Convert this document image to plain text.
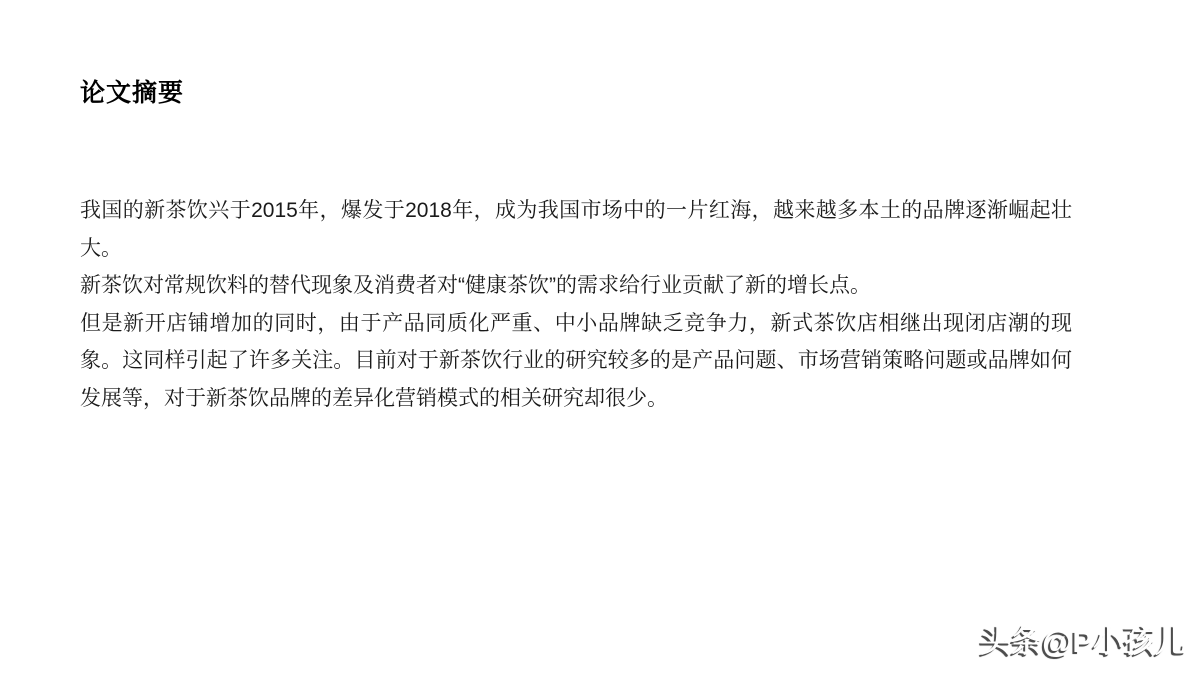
论文摘要

我国的新茶饮兴于2015年，爆发于2018年，成为我国市场中的一片红海，越来越多本土的品牌逐渐崛起壮大。

新茶饮对常规饮料的替代现象及消费者对“健康茶饮”的需求给行业贡献了新的增长点。

但是新开店铺增加的同时，由于产品同质化严重、中小品牌缺乏竞争力，新式茶饮店相继出现闭店潮的现象。这同样引起了许多关注。目前对于新茶饮行业的研究较多的是产品问题、市场营销策略问题或品牌如何发展等，对于新茶饮品牌的差异化营销模式的相关研究却很少。

头条@P小孩儿 头条@P小孩儿
